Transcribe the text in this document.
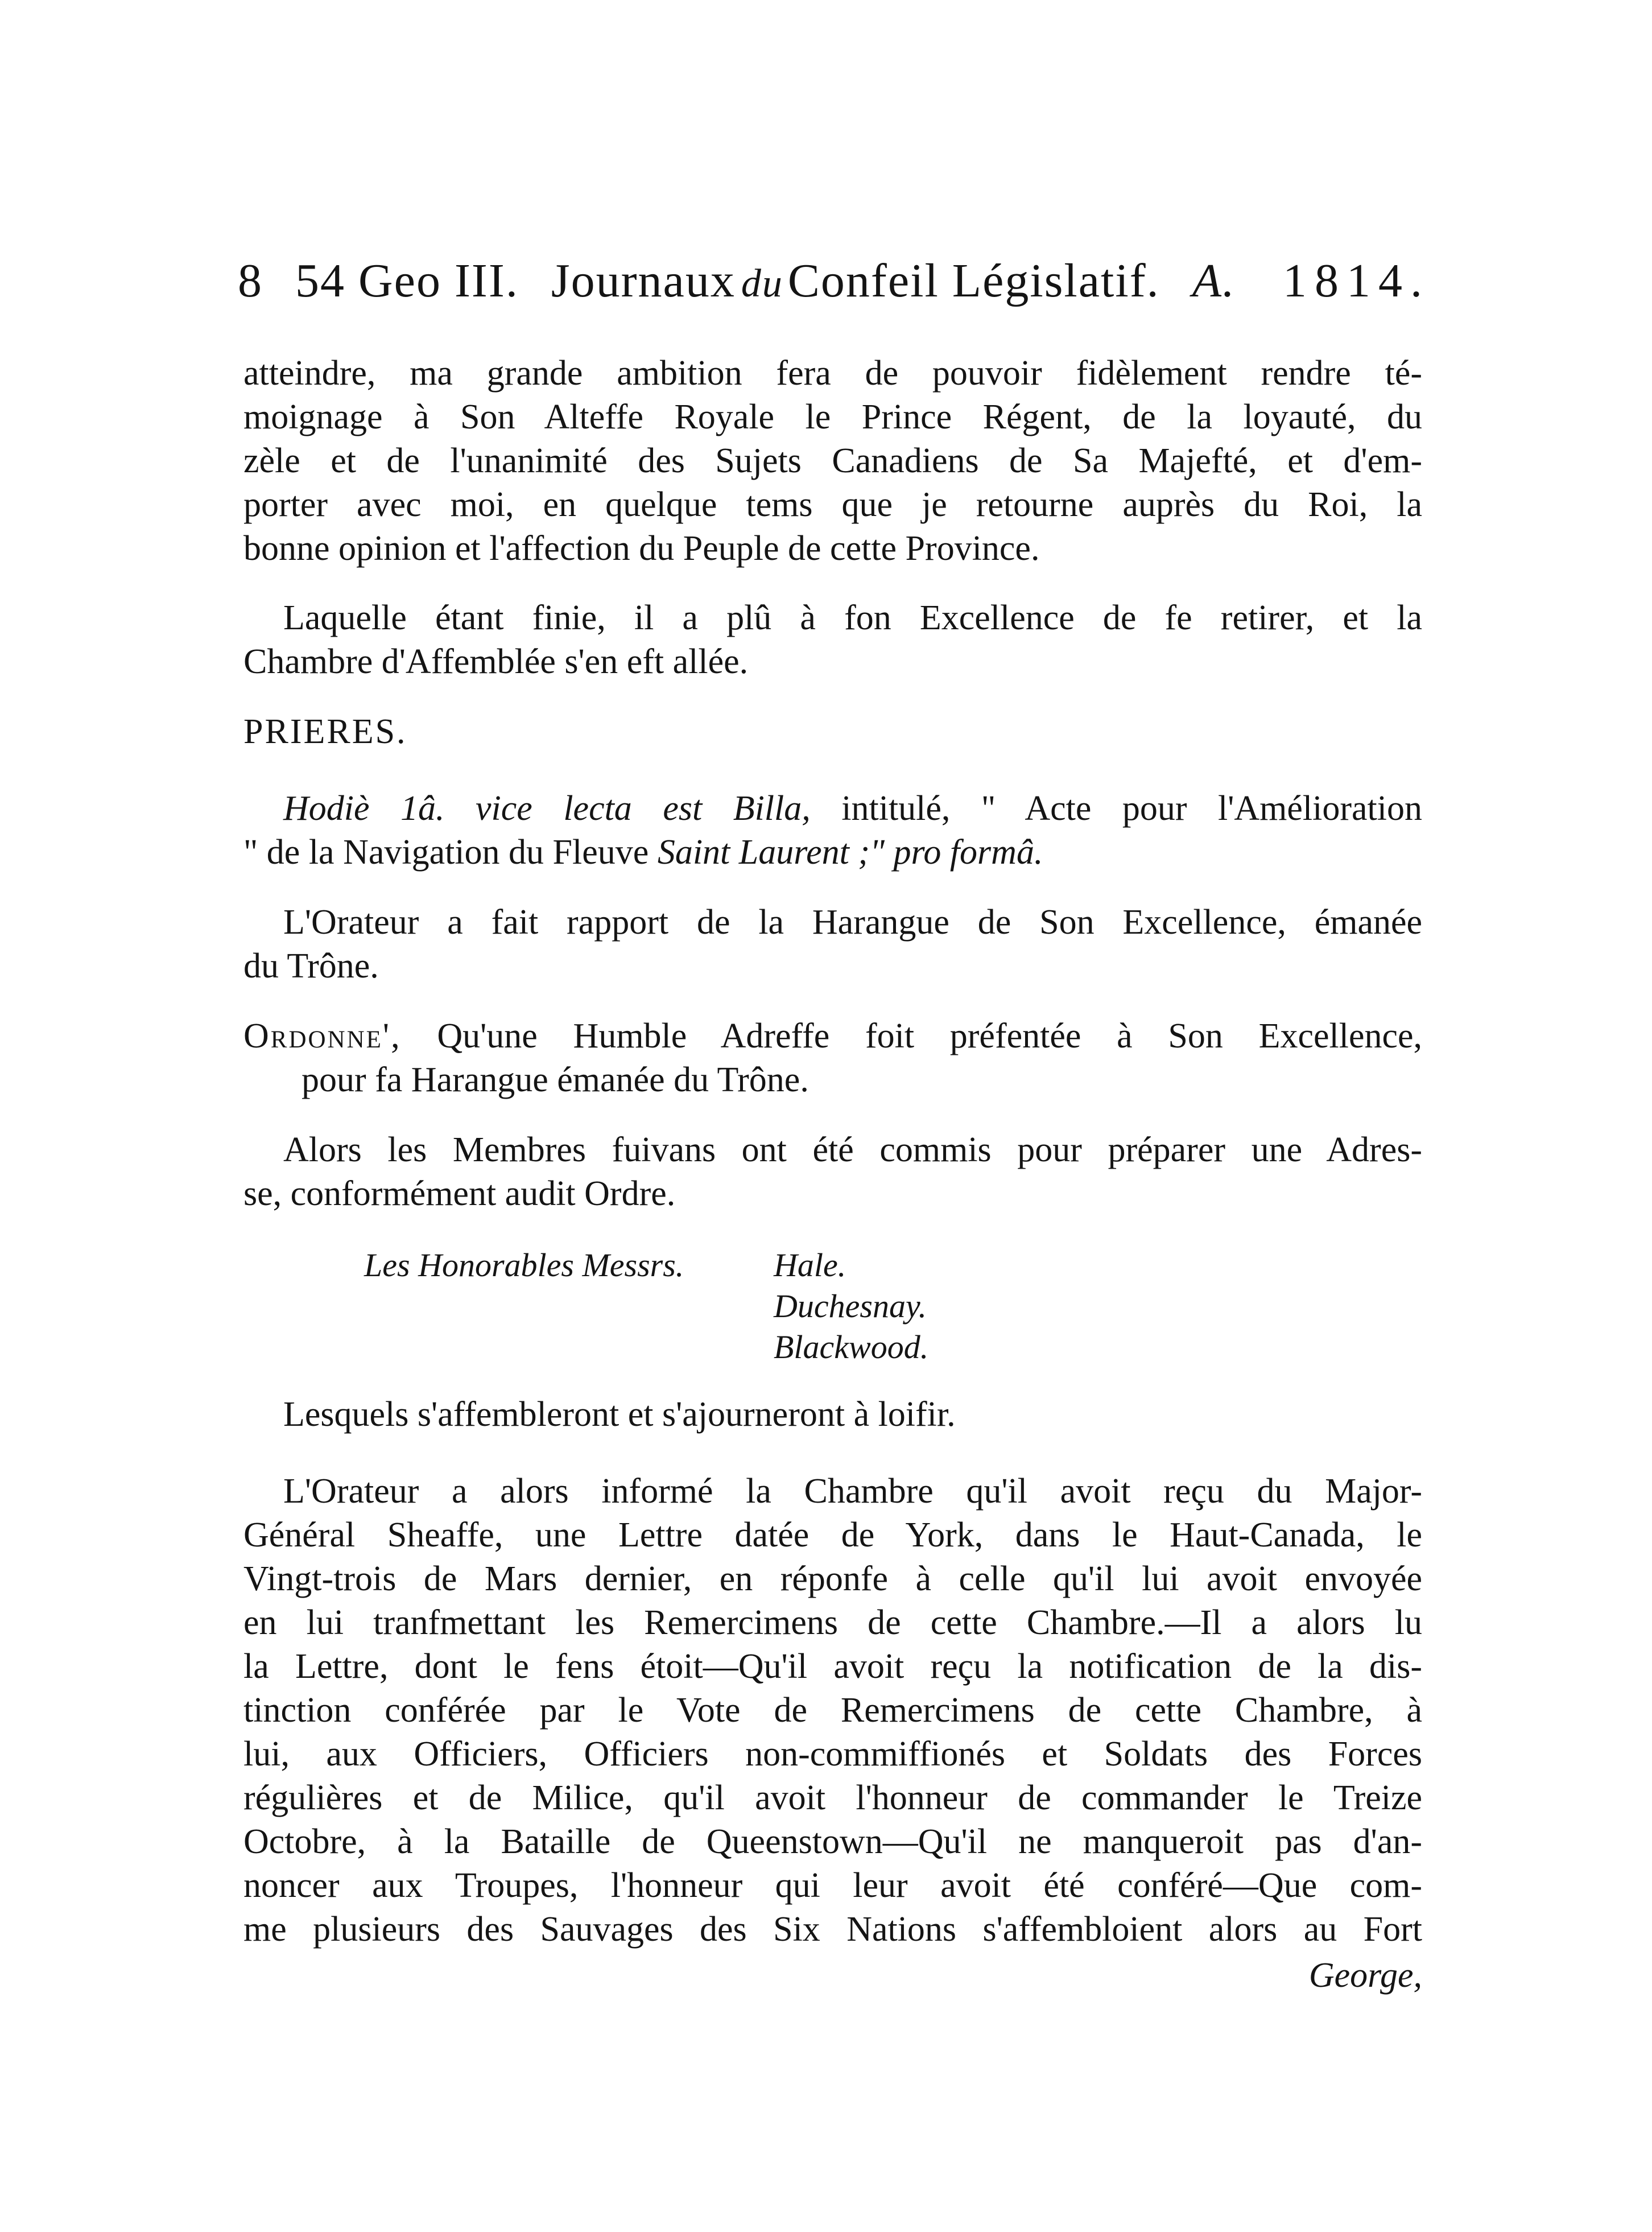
8 54 Geo III. Journaux duConfeil Législatif. A. 1814.
atteindre, ma grande ambition fera de pouvoir fidèlement rendre té-
moignage à Son Alteffe Royale le Prince Régent, de la loyauté, du
zèle et de l'unanimité des Sujets Canadiens de Sa Majefté, et d'em-
porter avec moi, en quelque tems que je retourne auprès du Roi, la
bonne opinion et l'affection du Peuple de cette Province.
Laquelle étant finie, il a plû à fon Excellence de fe retirer, et la
Chambre d'Affemblée s'en eft allée.
PRIERES.
Hodiè 1â. vice lecta est Billa, intitulé, " Acte pour l'Amélioration
" de la Navigation du Fleuve Saint Laurent ;" pro formâ.
L'Orateur a fait rapport de la Harangue de Son Excellence, émanée
du Trône.
Ordonne', Qu'une Humble Adreffe foit préfentée à Son Excellence,
pour fa Harangue émanée du Trône.
Alors les Membres fuivans ont été commis pour préparer une Adres-
se, conformément audit Ordre.
Les Honorables Messrs.	Hale.
Duchesnay.
Blackwood.
Lesquels s'affembleront et s'ajourneront à loifir.
L'Orateur a alors informé la Chambre qu'il avoit reçu du Major-
Général Sheaffe, une Lettre datée de York, dans le Haut-Canada, le
Vingt-trois de Mars dernier, en réponfe à celle qu'il lui avoit envoyée
en lui tranfmettant les Remercimens de cette Chambre.—Il a alors lu
la Lettre, dont le fens étoit—Qu'il avoit reçu la notification de la dis-
tinction conférée par le Vote de Remercimens de cette Chambre, à
lui, aux Officiers, Officiers non-commiffionés et Soldats des Forces
régulières et de Milice, qu'il avoit l'honneur de commander le Treize
Octobre, à la Bataille de Queenstown—Qu'il ne manqueroit pas d'an-
noncer aux Troupes, l'honneur qui leur avoit été conféré—Que com-
me plusieurs des Sauvages des Six Nations s'affembloient alors au Fort
George,
